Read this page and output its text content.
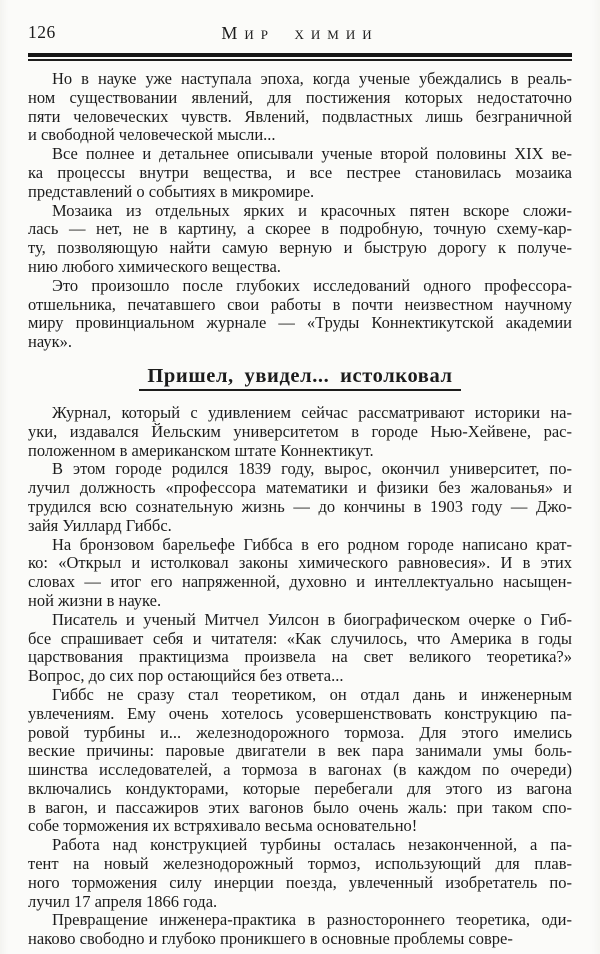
126	Мир химии
Но в науке уже наступала эпоха, когда ученые убеждались в реаль-
ном существовании явлений, для постижения которых недостаточно
пяти человеческих чувств. Явлений, подвластных лишь безграничной
и свободной человеческой мысли...
Все полнее и детальнее описывали ученые второй половины XIX ве-
ка процессы внутри вещества, и все пестрее становилась мозаика
представлений о событиях в микромире.
Мозаика из отдельных ярких и красочных пятен вскоре сложи-
лась — нет, не в картину, а скорее в подробную, точную схему-кар-
ту, позволяющую найти самую верную и быструю дорогу к получе-
нию любого химического вещества.
Это произошло после глубоких исследований одного профессора-
отшельника, печатавшего свои работы в почти неизвестном научному
миру провинциальном журнале — «Труды Коннектикутской академии
наук».
Пришел, увидел... истолковал
Журнал, который с удивлением сейчас рассматривают историки на-
уки, издавался Йельским университетом в городе Нью-Хейвене, рас-
положенном в американском штате Коннектикут.
В этом городе родился 1839 году, вырос, окончил университет, по-
лучил должность «профессора математики и физики без жалованья» и
трудился всю сознательную жизнь — до кончины в 1903 году — Джо-
зайя Уиллард Гиббс.
На бронзовом барельефе Гиббса в его родном городе написано крат-
ко: «Открыл и истолковал законы химического равновесия». И в этих
словах — итог его напряженной, духовно и интеллектуально насыщен-
ной жизни в науке.
Писатель и ученый Митчел Уилсон в биографическом очерке о Гиб-
бсе спрашивает себя и читателя: «Как случилось, что Америка в годы
царствования практицизма произвела на свет великого теоретика?»
Вопрос, до сих пор остающийся без ответа...
Гиббс не сразу стал теоретиком, он отдал дань и инженерным
увлечениям. Ему очень хотелось усовершенствовать конструкцию па-
ровой турбины и... железнодорожного тормоза. Для этого имелись
веские причины: паровые двигатели в век пара занимали умы боль-
шинства исследователей, а тормоза в вагонах (в каждом по очереди)
включались кондукторами, которые перебегали для этого из вагона
в вагон, и пассажиров этих вагонов было очень жаль: при таком спо-
собе торможения их встряхивало весьма основательно!
Работа над конструкцией турбины осталась незаконченной, а па-
тент на новый железнодорожный тормоз, использующий для плав-
ного торможения силу инерции поезда, увлеченный изобретатель по-
лучил 17 апреля 1866 года.
Превращение инженера-практика в разностороннего теоретика, оди-
наково свободно и глубоко проникшего в основные проблемы совре-
